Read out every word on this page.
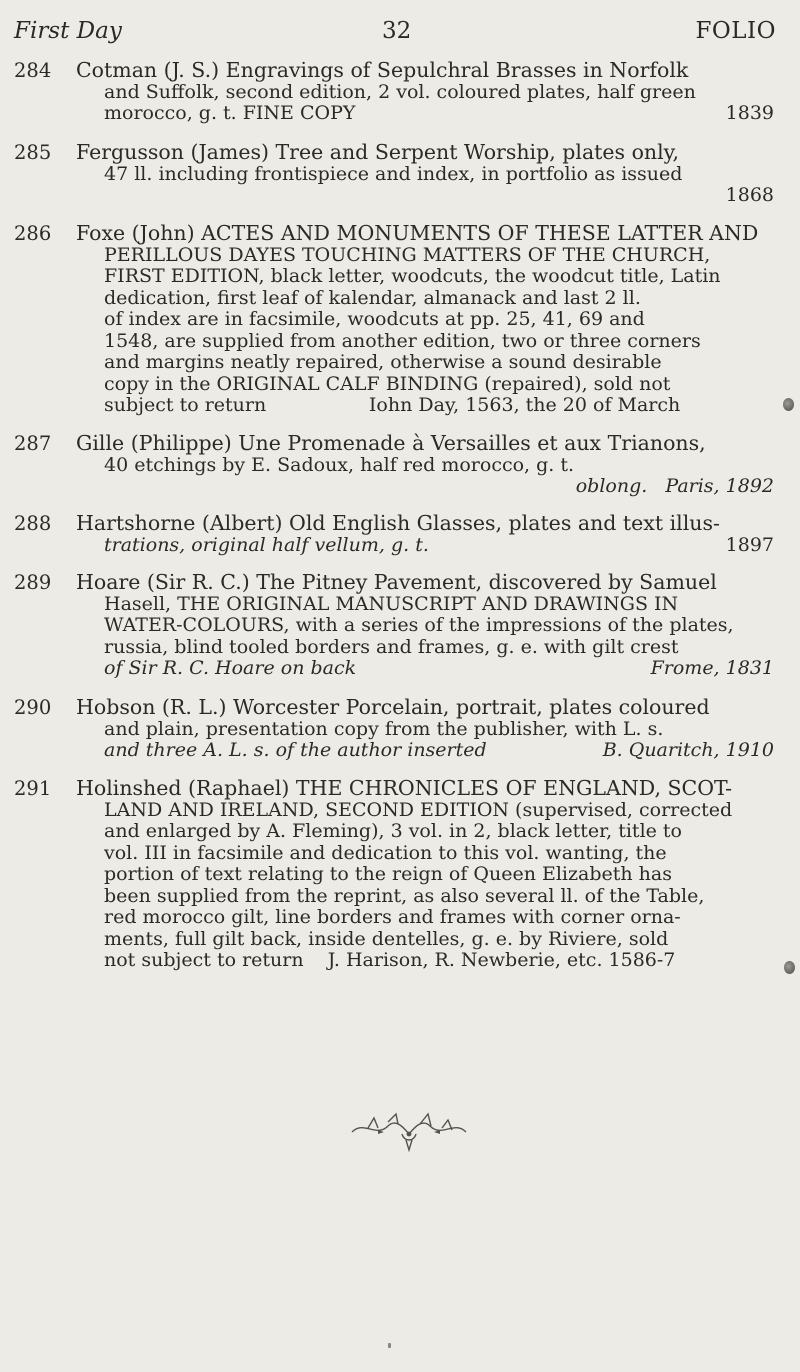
First Day	32	FOLIO
284	Cotman (J. S.) Engravings of Sepulchral Brasses in Norfolk
and Suffolk, second edition, 2 vol. coloured plates, half green
morocco, g. t. FINE COPY	1839
285	Fergusson (James) Tree and Serpent Worship, plates only,
47 ll. including frontispiece and index, in portfolio as issued
1868

286	Foxe (John) ACTES AND MONUMENTS OF THESE LATTER AND
PERILLOUS DAYES TOUCHING MATTERS OF THE CHURCH,
FIRST EDITION, black letter, woodcuts, the woodcut title, Latin
dedication, first leaf of kalendar, almanack and last 2 ll.
of index are in facsimile, woodcuts at pp. 25, 41, 69 and
1548, are supplied from another edition, two or three corners
and margins neatly repaired, otherwise a sound desirable
copy in the ORIGINAL CALF BINDING (repaired), sold not
subject to return                 Iohn Day, 1563, the 20 of March
287	Gille (Philippe) Une Promenade à Versailles et aux Trianons,
40 etchings by E. Sadoux, half red morocco, g. t.
oblong.   Paris, 1892
288	Hartshorne (Albert) Old English Glasses, plates and text illus-
trations, original half vellum, g. t.	1897
289	Hoare (Sir R. C.) The Pitney Pavement, discovered by Samuel
Hasell, THE ORIGINAL MANUSCRIPT AND DRAWINGS IN
WATER-COLOURS, with a series of the impressions of the plates,
russia, blind tooled borders and frames, g. e. with gilt crest
of Sir R. C. Hoare on back	Frome, 1831
290	Hobson (R. L.) Worcester Porcelain, portrait, plates coloured
and plain, presentation copy from the publisher, with L. s.
and three A. L. s. of the author inserted	B. Quaritch, 1910
291	Holinshed (Raphael) THE CHRONICLES OF ENGLAND, SCOT-
LAND AND IRELAND, SECOND EDITION (supervised, corrected
and enlarged by A. Fleming), 3 vol. in 2, black letter, title to
vol. III in facsimile and dedication to this vol. wanting, the
portion of text relating to the reign of Queen Elizabeth has
been supplied from the reprint, as also several ll. of the Table,
red morocco gilt, line borders and frames with corner orna-
ments, full gilt back, inside dentelles, g. e. by Riviere, sold
not subject to return    J. Harison, R. Newberie, etc. 1586-7
